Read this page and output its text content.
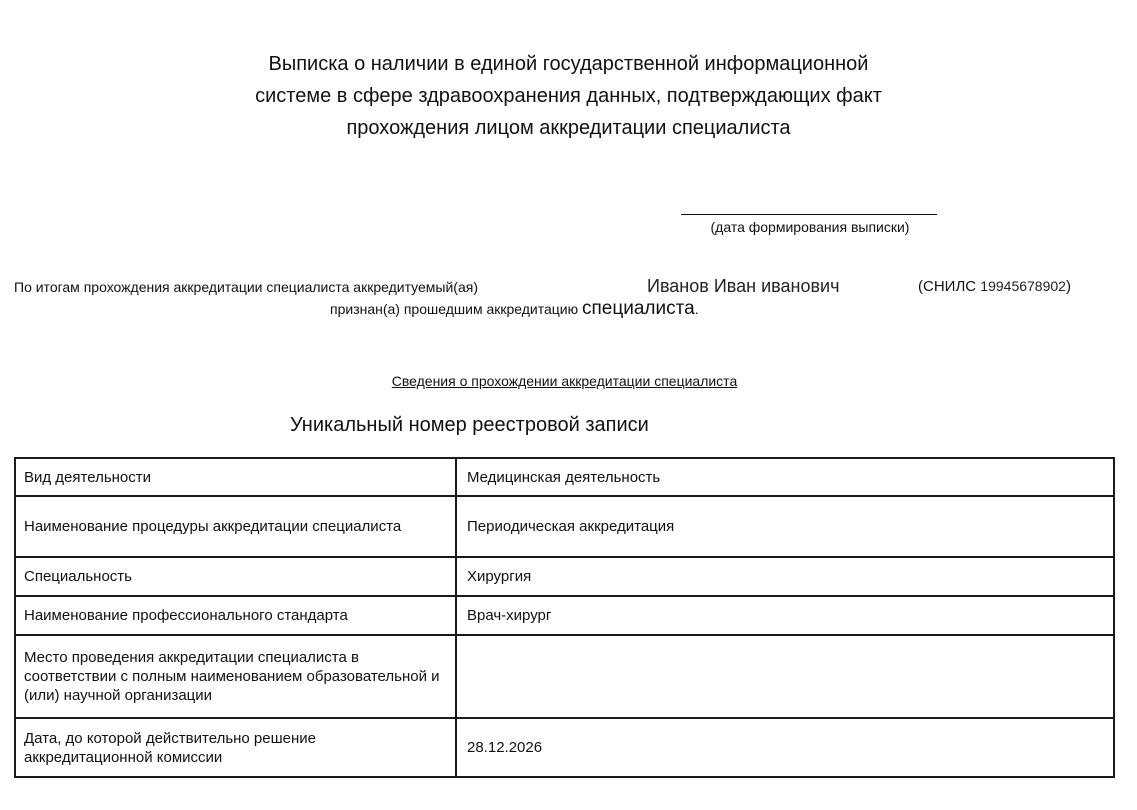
Выписка о наличии в единой государственной информационной
системе в сфере здравоохранения данных, подтверждающих факт
прохождения лицом аккредитации специалиста
(дата формирования выписки)
По итогам прохождения аккредитации специалиста аккредитуемый(ая)	Иванов Иван иванович	(СНИЛС 19945678902)
признан(а) прошедшим аккредитацию специалиста.
Сведения о прохождении аккредитации специалиста
Уникальный номер реестровой записи
Вид деятельности	Медицинская деятельность
Наименование процедуры аккредитации специалиста	Периодическая аккредитация
Специальность	Хирургия
Наименование профессионального стандарта	Врач-хирург
Место проведения аккредитации специалиста в соответствии с полным наименованием образовательной и (или) научной организации	
Дата, до которой действительно решение аккредитационной комиссии	28.12.2026
